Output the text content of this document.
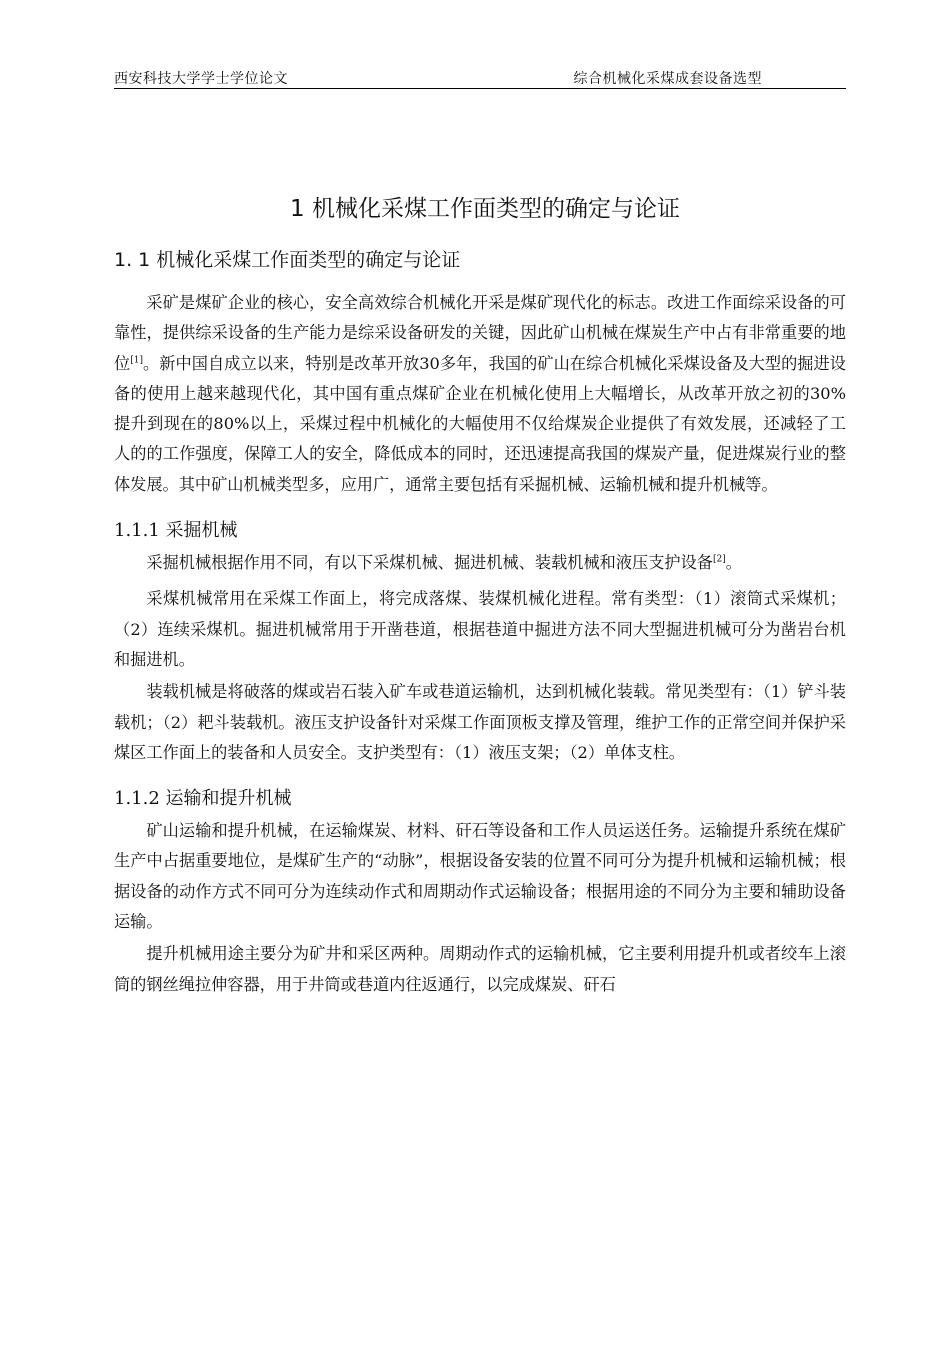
西安科技大学学士学位论文	综合机械化采煤成套设备选型
1 机械化采煤工作面类型的确定与论证
1. 1 机械化采煤工作面类型的确定与论证

采矿是煤矿企业的核心，安全高效综合机械化开采是煤矿现代化的标志。改进工作面综采设备的可靠性，提供综采设备的生产能力是综采设备研发的关键，因此矿山机械在煤炭生产中占有非常重要的地位[1]。新中国自成立以来，特别是改革开放30多年，我国的矿山在综合机械化采煤设备及大型的掘进设备的使用上越来越现代化，其中国有重点煤矿企业在机械化使用上大幅增长，从改革开放之初的30%提升到现在的80%以上，采煤过程中机械化的大幅使用不仅给煤炭企业提供了有效发展，还减轻了工人的的工作强度，保障工人的安全，降低成本的同时，还迅速提高我国的煤炭产量，促进煤炭行业的整体发展。其中矿山机械类型多，应用广，通常主要包括有采掘机械、运输机械和提升机械等。

1.1.1 采掘机械

采掘机械根据作用不同，有以下采煤机械、掘进机械、装载机械和液压支护设备[2]。

采煤机械常用在采煤工作面上，将完成落煤、装煤机械化进程。常有类型：（1）滚筒式采煤机；（2）连续采煤机。掘进机械常用于开凿巷道，根据巷道中掘进方法不同大型掘进机械可分为凿岩台机和掘进机。

装载机械是将破落的煤或岩石装入矿车或巷道运输机，达到机械化装载。常见类型有：（1）铲斗装载机；（2）耙斗装载机。液压支护设备针对采煤工作面顶板支撑及管理，维护工作的正常空间并保护采煤区工作面上的装备和人员安全。支护类型有：（1）液压支架；（2）单体支柱。

1.1.2 运输和提升机械

矿山运输和提升机械，在运输煤炭、材料、矸石等设备和工作人员运送任务。运输提升系统在煤矿生产中占据重要地位，是煤矿生产的“动脉”，根据设备安装的位置不同可分为提升机械和运输机械；根据设备的动作方式不同可分为连续动作式和周期动作式运输设备；根据用途的不同分为主要和辅助设备运输。

提升机械用途主要分为矿井和采区两种。周期动作式的运输机械，它主要利用提升机或者绞车上滚筒的钢丝绳拉伸容器，用于井筒或巷道内往返通行，以完成煤炭、矸石
